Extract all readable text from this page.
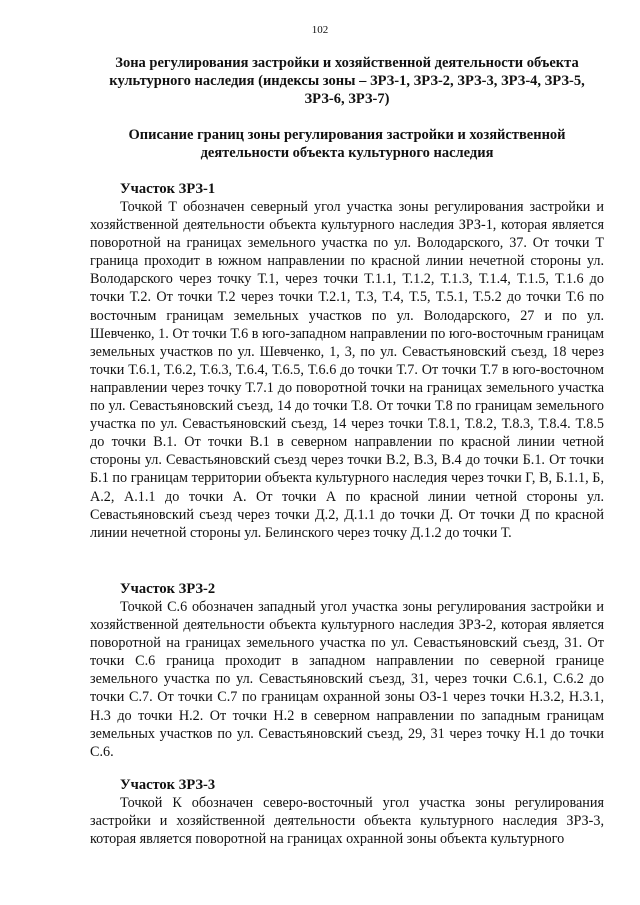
102
Зона регулирования застройки и хозяйственной деятельности объекта культурного наследия (индексы зоны – ЗРЗ-1, ЗРЗ-2, ЗРЗ-3, ЗРЗ-4, ЗРЗ-5, ЗРЗ-6, ЗРЗ-7)
Описание границ зоны регулирования застройки и хозяйственной деятельности объекта культурного наследия
Участок ЗРЗ-1

Точкой Т обозначен северный угол участка зоны регулирования застройки и хозяйственной деятельности объекта культурного наследия ЗРЗ-1, которая является поворотной на границах земельного участка по ул. Володарского, 37. От точки Т граница проходит в южном направлении по красной линии нечетной стороны ул. Володарского через точку Т.1, через точки Т.1.1, Т.1.2, Т.1.3, Т.1.4, Т.1.5, Т.1.6 до точки Т.2. От точки Т.2 через точки Т.2.1, Т.3, Т.4, Т.5, Т.5.1, Т.5.2 до точки Т.6 по восточным границам земельных участков по ул. Володарского, 27 и по ул. Шевченко, 1. От точки Т.6 в юго-западном направлении по юго-восточным границам земельных участков по ул. Шевченко, 1, 3, по ул. Севастьяновский съезд, 18 через точки Т.6.1, Т.6.2, Т.6.3, Т.6.4, Т.6.5, Т.6.6 до точки Т.7. От точки Т.7 в юго-восточном направлении через точку Т.7.1 до поворотной точки на границах земельного участка по ул. Севастьяновский съезд, 14 до точки Т.8. От точки Т.8 по границам земельного участка по ул. Севастьяновский съезд, 14 через точки Т.8.1, Т.8.2, Т.8.3, Т.8.4. Т.8.5 до точки В.1. От точки В.1 в северном направлении по красной линии четной стороны ул. Севастьяновский съезд через точки В.2, В.3, В.4 до точки Б.1. От точки Б.1 по границам территории объекта культурного наследия через точки Г, В, Б.1.1, Б, А.2, А.1.1 до точки А. От точки А по красной линии четной стороны ул. Севастьяновский съезд через точки Д.2, Д.1.1 до точки Д. От точки Д по красной линии нечетной стороны ул. Белинского через точку Д.1.2 до точки Т.

Участок ЗРЗ-2

Точкой С.6 обозначен западный угол участка зоны регулирования застройки и хозяйственной деятельности объекта культурного наследия ЗРЗ-2, которая является поворотной на границах земельного участка по ул. Севастьяновский съезд, 31. От точки С.6 граница проходит в западном направлении по северной границе земельного участка по ул. Севастьяновский съезд, 31, через точки С.6.1, С.6.2 до точки С.7. От точки С.7 по границам охранной зоны ОЗ-1 через точки Н.3.2, Н.3.1, Н.3 до точки Н.2. От точки Н.2 в северном направлении по западным границам земельных участков по ул. Севастьяновский съезд, 29, 31 через точку Н.1 до точки С.6.

Участок ЗРЗ-3

Точкой К обозначен северо-восточный угол участка зоны регулирования застройки и хозяйственной деятельности объекта культурного наследия ЗРЗ-3, которая является поворотной на границах охранной зоны объекта культурного
